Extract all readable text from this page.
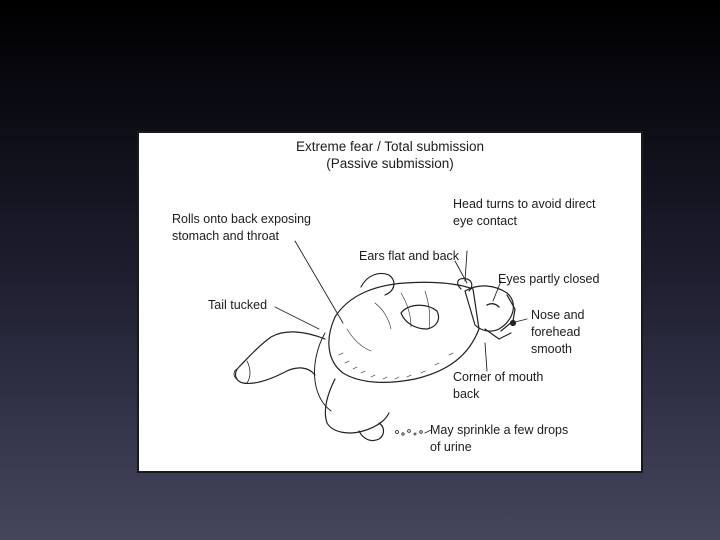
Extreme fear / Total submission
(Passive submission)
Rolls onto back exposing
stomach and throat
Head turns to avoid direct
eye contact
Ears flat and back
Eyes partly closed
Tail tucked
Nose and
forehead
smooth
Corner of mouth
back
May sprinkle a few drops
of urine
